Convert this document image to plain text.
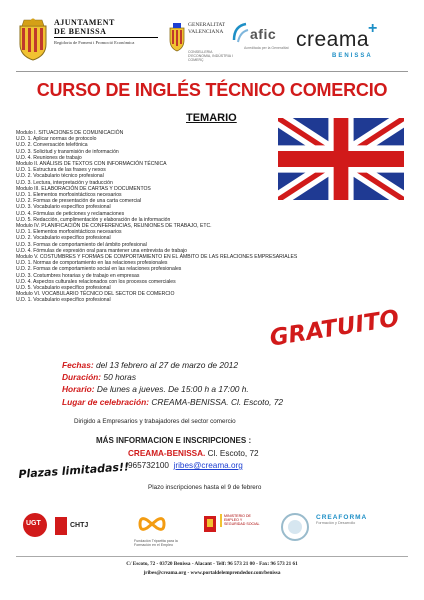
AJUNTAMENT
DE BENISSA
Regidoria de Foment i Promoció Econòmica
GENERALITAT
VALENCIANA
CONSELLERIA D'ECONOMIA, INDÚSTRIA I COMERÇ
afic
Acreditada per la Generalitat creama
+
BENISSA
CURSO DE INGLÉS TÉCNICO COMERCIO
TEMARIO
Modulo I. SITUACIONES DE COMUNICACIÓN
U.D. 1. Aplicar normas de protocolo
U.D. 2. Conversación telefónica
U.D. 3. Solicitud y transmisión de información
U.D. 4. Reuniones de trabajo
Modulo II. ANÁLISIS DE TEXTOS CON INFORMACIÓN TÉCNICA
U.D. 1. Estructura de las frases y nexos
U.D. 2. Vocabulario técnico profesional
U.D. 3. Lectura, interpretación y traducción
Modulo III. ELABORACIÓN DE CARTAS Y DOCUMENTOS
U.D. 1. Elementos morfosintácticos necesarios
U.D. 2. Formas de presentación de una carta comercial
U.D. 3. Vocabulario específico profesional
U.D. 4. Fórmulas de peticiones y reclamaciones
U.D. 5. Redacción, cumplimentación y elaboración de la información
Modulo IV. PLANIFICACIÓN DE CONFERENCIAS, REUNIONES DE TRABAJO, ETC.
U.D. 1. Elementos morfosintácticos necesarios
U.D. 2. Vocabulario específico profesional
U.D. 3. Formas de comportamiento del ámbito profesional
U.D. 4. Fórmulas de expresión oral para mantener una entrevista de trabajo
Modulo V. COSTUMBRES Y FORMAS DE COMPORTAMIENTO EN EL ÁMBITO DE LAS RELACIONES EMPRESARIALES
U.D. 1. Normas de comportamiento en las relaciones profesionales
U.D. 2. Formas de comportamiento social en las relaciones profesionales
U.D. 3. Costumbres horarias y de trabajo en empresas
U.D. 4. Aspectos culturales relacionados con los procesos comerciales
U.D. 5. Vocabulario específico profesional
Modulo VI. VOCABULARIO TÉCNICO DEL SECTOR DE COMERCIO
U.D. 1. Vocabulario específico profesional
GRATUITO
Fechas: del 13 febrero al 27 de marzo de 2012
Duración: 50 horas
Horario: De lunes a jueves. De 15:00 h a 17:00 h.
Lugar de celebración: CREAMA-BENISSA. Cl. Escoto, 72
Dirigido a Empresarios y trabajadores del sector comercio
MÁS INFORMACION E INSCRIPCIONES :
CREAMA-BENISSA. Cl. Escoto, 72
965732100 jribes@creama.org
Plazo inscripciones hasta el 9 de febrero
Plazas limitadas!!
UGT	CHTJ
Fundación Tripartita para la Formación en el Empleo
MINISTERIO DE EMPLEO Y SEGURIDAD SOCIAL
CREAFORMA
Formación y Desarrollo
C/ Escoto, 72 - 03720 Benissa - Alacant - Telf: 96 573 21 00 - Fax: 96 573 21 61
jribes@creama.org - www.portaldelemprendedor.com/benissa
